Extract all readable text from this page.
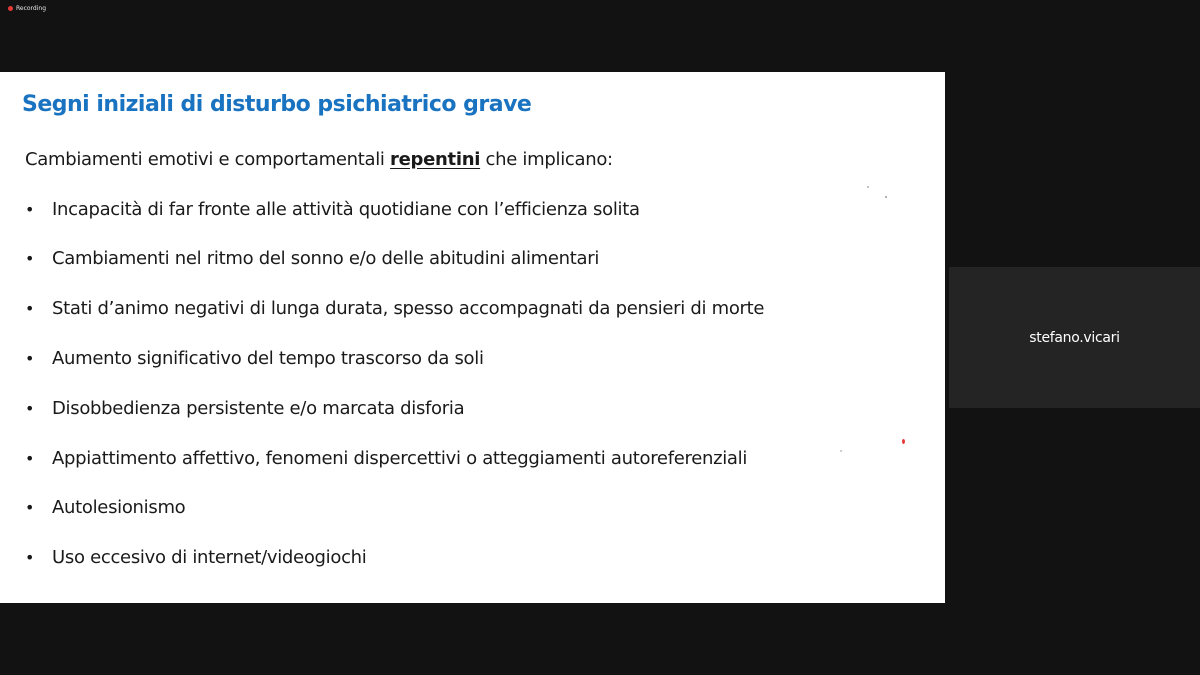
Recording
Segni iniziali di disturbo psichiatrico grave
Cambiamenti emotivi e comportamentali repentini che implicano:
• Incapacità di far fronte alle attività quotidiane con l’efficienza solita
• Cambiamenti nel ritmo del sonno e/o delle abitudini alimentari
• Stati d’animo negativi di lunga durata, spesso accompagnati da pensieri di morte
• Aumento significativo del tempo trascorso da soli
• Disobbedienza persistente e/o marcata disforia
• Appiattimento affettivo, fenomeni dispercettivi o atteggiamenti autoreferenziali
• Autolesionismo
• Uso eccesivo di internet/videogiochi
stefano.vicari
